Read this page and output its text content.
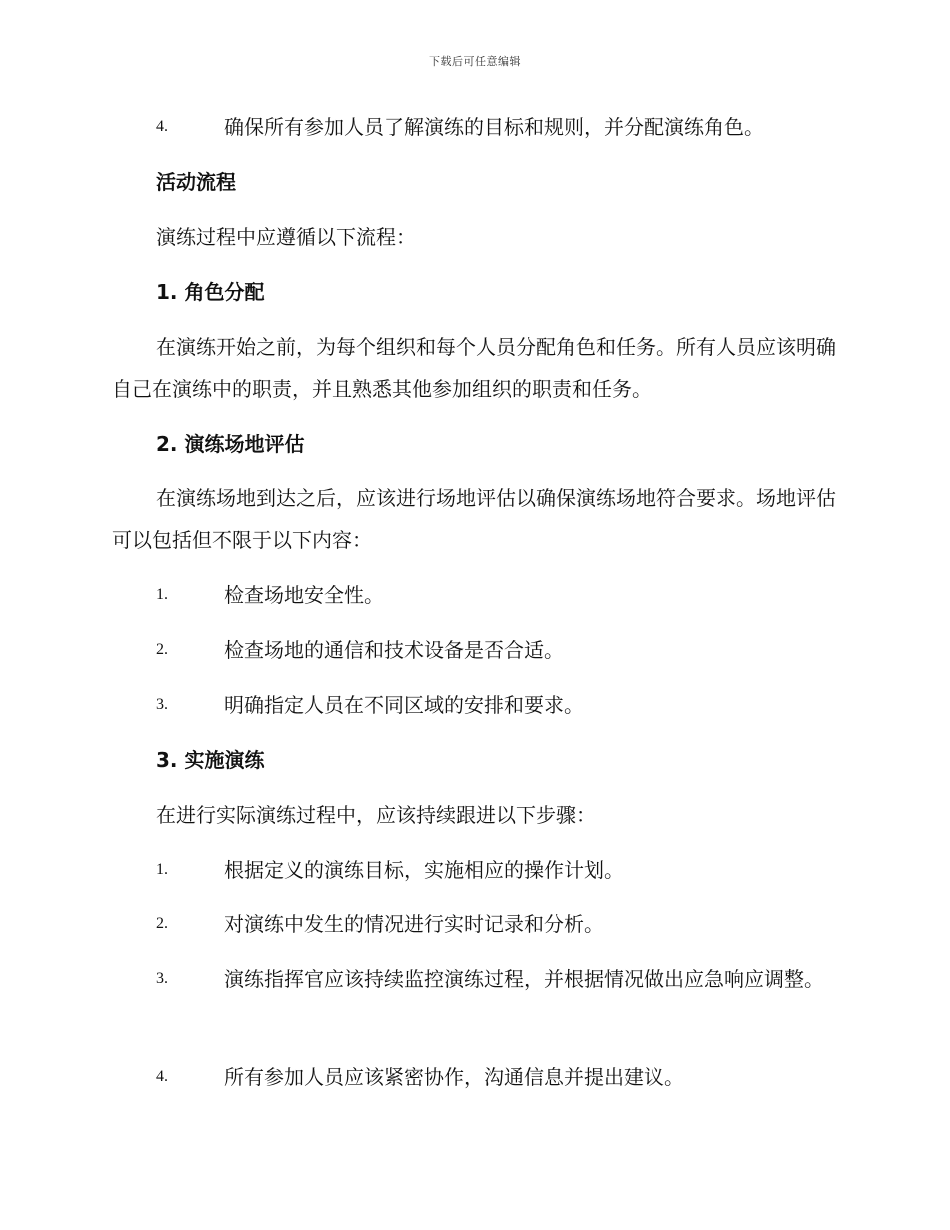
下载后可任意编辑
4.	确保所有参加人员了解演练的目标和规则，并分配演练角色。
活动流程

演练过程中应遵循以下流程：

1. 角色分配

在演练开始之前，为每个组织和每个人员分配角色和任务。所有人员应该明确自己在演练中的职责，并且熟悉其他参加组织的职责和任务。

2. 演练场地评估

在演练场地到达之后，应该进行场地评估以确保演练场地符合要求。场地评估可以包括但不限于以下内容：

1.	检查场地安全性。
2.	检查场地的通信和技术设备是否合适。
3.	明确指定人员在不同区域的安排和要求。
3. 实施演练

在进行实际演练过程中，应该持续跟进以下步骤：

1.	根据定义的演练目标，实施相应的操作计划。
2.	对演练中发生的情况进行实时记录和分析。
3.	演练指挥官应该持续监控演练过程，并根据情况做出应急响应调整。
4.	所有参加人员应该紧密协作，沟通信息并提出建议。
